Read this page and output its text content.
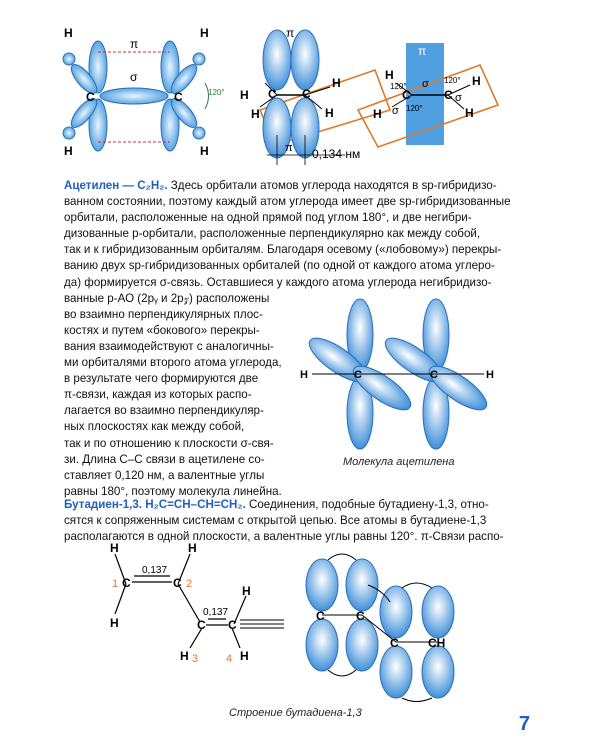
H
H
H
H
C	C
π
σ
120°
π
C C
H
H
H
H
π 0,134 нм
π
C	C
H
H	H
H
120°
120°
120°
σ
σ
σ
Ацетилен — C₂H₂. Здесь орбитали атомов углерода находятся в sp-гибридизо-
ванном состоянии, поэтому каждый атом углерода имеет две sp-гибридизованные
орбитали, расположенные на одной прямой под углом 180°, и две негибри-
дизованные p-орбитали, расположенные перпендикулярно как между собой,
так и к гибридизованным орбиталям. Благодаря осевому («лобовому») перекры-
ванию двух sp-гибридизованных орбиталей (по одной от каждого атома углеро-
да) формируется σ-связь. Оставшиеся у каждого атома углерода негибридизо-
ванные p-АО (2pᵧ и 2p𝓏) расположены
во взаимно перпендикулярных плос-
костях и путем «бокового» перекры-
вания взаимодействуют с аналогичны-
ми орбиталями второго атома углерода,
в результате чего формируются две
π-связи, каждая из которых распо-
лагается во взаимно перпендикуляр-
ных плоскостях как между собой,
так и по отношению к плоскости σ-свя-
зи. Длина C–C связи в ацетилене со-
ставляет 0,120 нм, а валентные углы
равны 180°, поэтому молекула линейна.
H	C	C	H
Молекула ацетилена
Бутадиен-1,3. H₂C=CH–CH=CH₂. Соединения, подобные бутадиену-1,3, отно-
сятся к сопряженным системам с открытой цепью. Все атомы в бутадиене-1,3
располагаются в одной плоскости, а валентные углы равны 120°. π-Связи распо-
H
H
H
H	H
H
C	C
C C
0,137
0,137
1	2
3	4
C	C
C CH
Строение бутадиена-1,3	7
